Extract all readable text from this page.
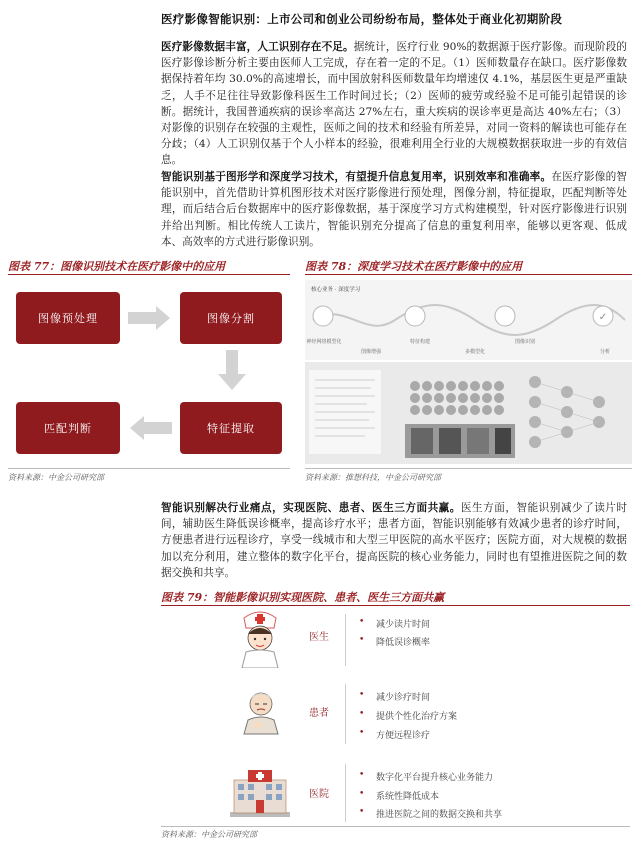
医疗影像智能识别：上市公司和创业公司纷纷布局，整体处于商业化初期阶段
医疗影像数据丰富，人工识别存在不足。据统计，医疗行业 90%的数据源于医疗影像。而现阶段的医疗影像诊断分析主要由医师人工完成，存在着一定的不足。（1）医师数量存在缺口。医疗影像数据保持着年均 30.0%的高速增长，而中国放射科医师数量年均增速仅 4.1%，基层医生更是严重缺乏，人手不足往往导致影像科医生工作时间过长；（2）医师的疲劳或经验不足可能引起错误的诊断。据统计，我国普通疾病的误诊率高达 27%左右，重大疾病的误诊率更是高达 40%左右；（3）对影像的识别存在较强的主观性，医师之间的技术和经验有所差异，对同一资料的解读也可能存在分歧；（4）人工识别仅基于个人小样本的经验，很难利用全行业的大规模数据获取进一步的有效信息。
智能识别基于图形学和深度学习技术，有望提升信息复用率，识别效率和准确率。在医疗影像的智能识别中，首先借助计算机图形技术对医疗影像进行预处理，图像分割，特征提取，匹配判断等处理，而后结合后台数据库中的医疗影像数据，基于深度学习方式构建模型，针对医疗影像进行识别并给出判断。相比传统人工读片，智能识别充分提高了信息的重复利用率，能够以更客观、低成本、高效率的方式进行影像识别。
图表 77：图像识别技术在医疗影像中的应用
图像预处理	图像分割
特征提取
匹配判断
资料来源：中金公司研究部
图表 78：深度学习技术在医疗影像中的应用
核心业务 · 深度学习
✓
神经网络模型化
图像增强
特征构建
多模型化
图像识别
分析
资料来源：推想科技，中金公司研究部
智能识别解决行业痛点，实现医院、患者、医生三方面共赢。医生方面，智能识别减少了读片时间，辅助医生降低误诊概率，提高诊疗水平；患者方面，智能识别能够有效减少患者的诊疗时间，方便患者进行远程诊疗，享受一线城市和大型三甲医院的高水平医疗；医院方面，对大规模的数据加以充分利用，建立整体的数字化平台，提高医院的核心业务能力，同时也有望推进医院之间的数据交换和共享。
图表 79：智能影像识别实现医院、患者、医生三方面共赢
医生
• 减少读片时间
• 降低误诊概率
患者
• 减少诊疗时间
• 提供个性化治疗方案
• 方便远程诊疗
医院
• 数字化平台提升核心业务能力
• 系统性降低成本
• 推进医院之间的数据交换和共享
资料来源：中金公司研究部
